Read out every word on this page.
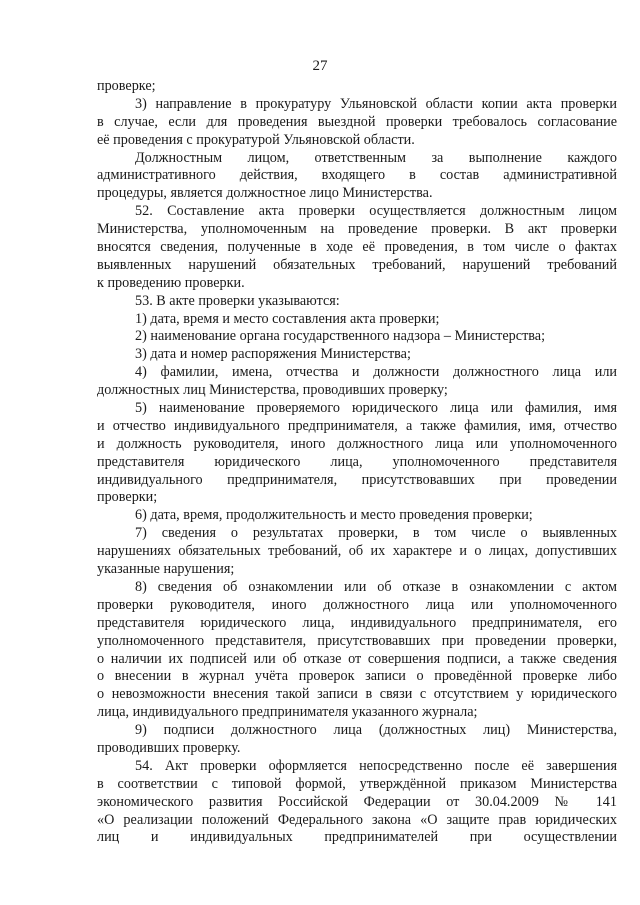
27
проверке;
3) направление в прокуратуру Ульяновской области копии акта проверки
в случае, если для проведения выездной проверки требовалось согласование
её проведения с прокуратурой Ульяновской области.
Должностным лицом, ответственным за выполнение каждого
административного действия, входящего в состав административной
процедуры, является должностное лицо Министерства.
52. Составление акта проверки осуществляется должностным лицом
Министерства, уполномоченным на проведение проверки. В акт проверки
вносятся сведения, полученные в ходе её проведения, в том числе о фактах
выявленных нарушений обязательных требований, нарушений требований
к проведению проверки.
53. В акте проверки указываются:
1) дата, время и место составления акта проверки;
2) наименование органа государственного надзора – Министерства;
3) дата и номер распоряжения Министерства;
4) фамилии, имена, отчества и должности должностного лица или
должностных лиц Министерства, проводивших проверку;
5) наименование проверяемого юридического лица или фамилия, имя
и отчество индивидуального предпринимателя, а также фамилия, имя, отчество
и должность руководителя, иного должностного лица или уполномоченного
представителя юридического лица, уполномоченного представителя
индивидуального предпринимателя, присутствовавших при проведении
проверки;
6) дата, время, продолжительность и место проведения проверки;
7) сведения о результатах проверки, в том числе о выявленных
нарушениях обязательных требований, об их характере и о лицах, допустивших
указанные нарушения;
8) сведения об ознакомлении или об отказе в ознакомлении с актом
проверки руководителя, иного должностного лица или уполномоченного
представителя юридического лица, индивидуального предпринимателя, его
уполномоченного представителя, присутствовавших при проведении проверки,
о наличии их подписей или об отказе от совершения подписи, а также сведения
о внесении в журнал учёта проверок записи о проведённой проверке либо
о невозможности внесения такой записи в связи с отсутствием у юридического
лица, индивидуального предпринимателя указанного журнала;
9) подписи должностного лица (должностных лиц) Министерства,
проводивших проверку.
54. Акт проверки оформляется непосредственно после её завершения
в соответствии с типовой формой, утверждённой приказом Министерства
экономического развития Российской Федерации от 30.04.2009 № 141
«О реализации положений Федерального закона «О защите прав юридических
лиц и индивидуальных предпринимателей при осуществлении
